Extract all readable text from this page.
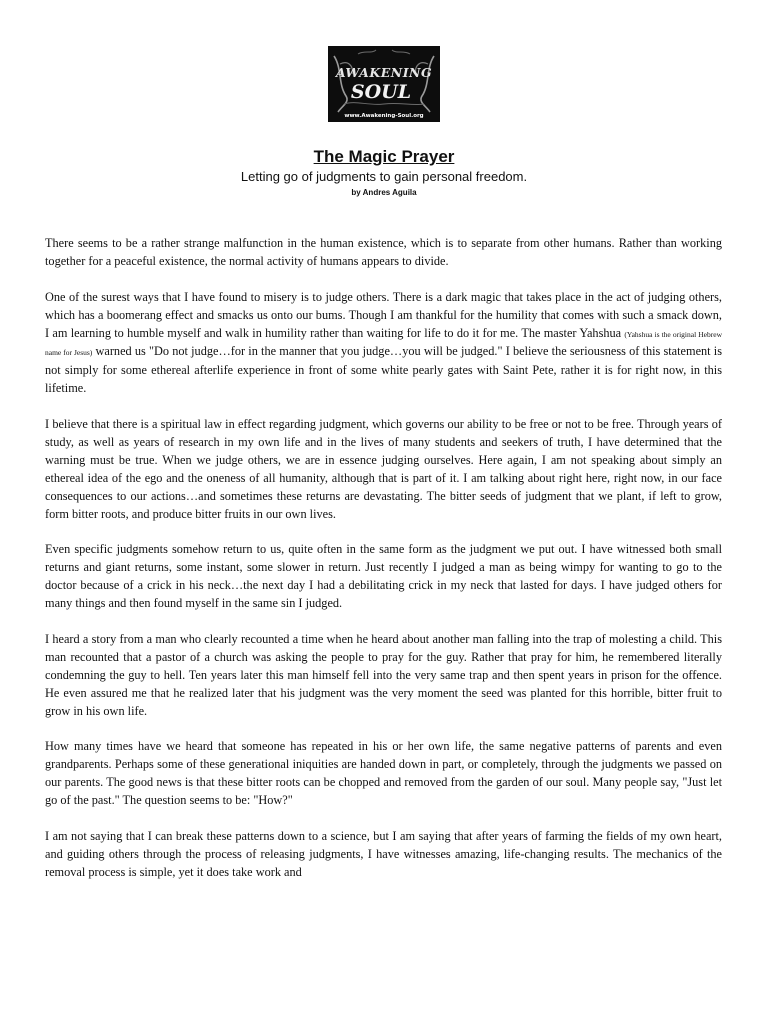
AWAKENING
SOUL
www.Awakening-Soul.org
The Magic Prayer
Letting go of judgments to gain personal freedom.
by Andres Aguila

There seems to be a rather strange malfunction in the human existence, which is to separate from other humans. Rather than working together for a peaceful existence, the normal activity of humans appears to divide.

One of the surest ways that I have found to misery is to judge others. There is a dark magic that takes place in the act of judging others, which has a boomerang effect and smacks us onto our bums. Though I am thankful for the humility that comes with such a smack down, I am learning to humble myself and walk in humility rather than waiting for life to do it for me. The master Yahshua (Yahshua is the original Hebrew name for Jesus) warned us "Do not judge…for in the manner that you judge…you will be judged." I believe the seriousness of this statement is not simply for some ethereal afterlife experience in front of some white pearly gates with Saint Pete, rather it is for right now, in this lifetime.

I believe that there is a spiritual law in effect regarding judgment, which governs our ability to be free or not to be free. Through years of study, as well as years of research in my own life and in the lives of many students and seekers of truth, I have determined that the warning must be true. When we judge others, we are in essence judging ourselves. Here again, I am not speaking about simply an ethereal idea of the ego and the oneness of all humanity, although that is part of it. I am talking about right here, right now, in our face consequences to our actions…and sometimes these returns are devastating. The bitter seeds of judgment that we plant, if left to grow, form bitter roots, and produce bitter fruits in our own lives.

Even specific judgments somehow return to us, quite often in the same form as the judgment we put out. I have witnessed both small returns and giant returns, some instant, some slower in return. Just recently I judged a man as being wimpy for wanting to go to the doctor because of a crick in his neck…the next day I had a debilitating crick in my neck that lasted for days. I have judged others for many things and then found myself in the same sin I judged.

I heard a story from a man who clearly recounted a time when he heard about another man falling into the trap of molesting a child. This man recounted that a pastor of a church was asking the people to pray for the guy. Rather that pray for him, he remembered literally condemning the guy to hell. Ten years later this man himself fell into the very same trap and then spent years in prison for the offence. He even assured me that he realized later that his judgment was the very moment the seed was planted for this horrible, bitter fruit to grow in his own life.

How many times have we heard that someone has repeated in his or her own life, the same negative patterns of parents and even grandparents. Perhaps some of these generational iniquities are handed down in part, or completely, through the judgments we passed on our parents. The good news is that these bitter roots can be chopped and removed from the garden of our soul. Many people say, "Just let go of the past." The question seems to be: "How?"

I am not saying that I can break these patterns down to a science, but I am saying that after years of farming the fields of my own heart, and guiding others through the process of releasing judgments, I have witnesses amazing, life-changing results. The mechanics of the removal process is simple, yet it does take work and
